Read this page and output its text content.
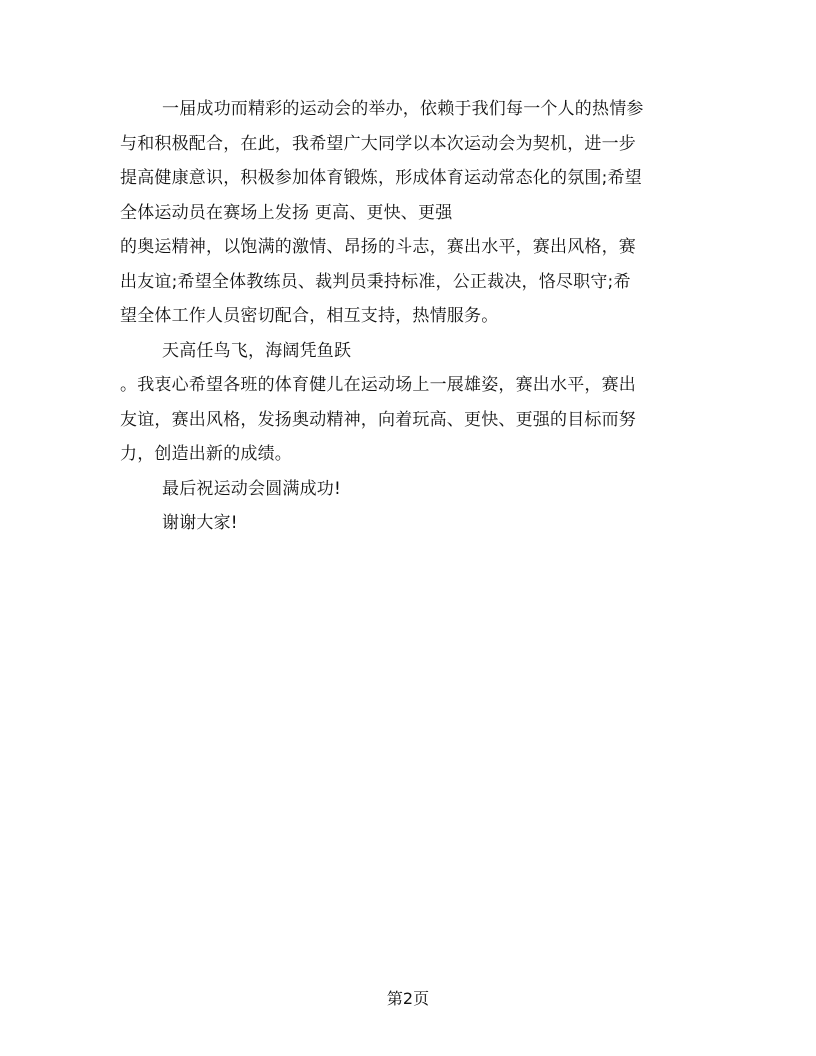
一届成功而精彩的运动会的举办，依赖于我们每一个人的热情参

与和积极配合，在此，我希望广大同学以本次运动会为契机，进一步

提高健康意识，积极参加体育锻炼，形成体育运动常态化的氛围;希望

全体运动员在赛场上发扬 更高、更快、更强

的奥运精神，以饱满的激情、昂扬的斗志，赛出水平，赛出风格，赛

出友谊;希望全体教练员、裁判员秉持标准，公正裁决，恪尽职守;希

望全体工作人员密切配合，相互支持，热情服务。

天高任鸟飞，海阔凭鱼跃

。我衷心希望各班的体育健儿在运动场上一展雄姿，赛出水平，赛出

友谊，赛出风格，发扬奥动精神，向着玩高、更快、更强的目标而努

力，创造出新的成绩。

最后祝运动会圆满成功!

谢谢大家!

第2页
